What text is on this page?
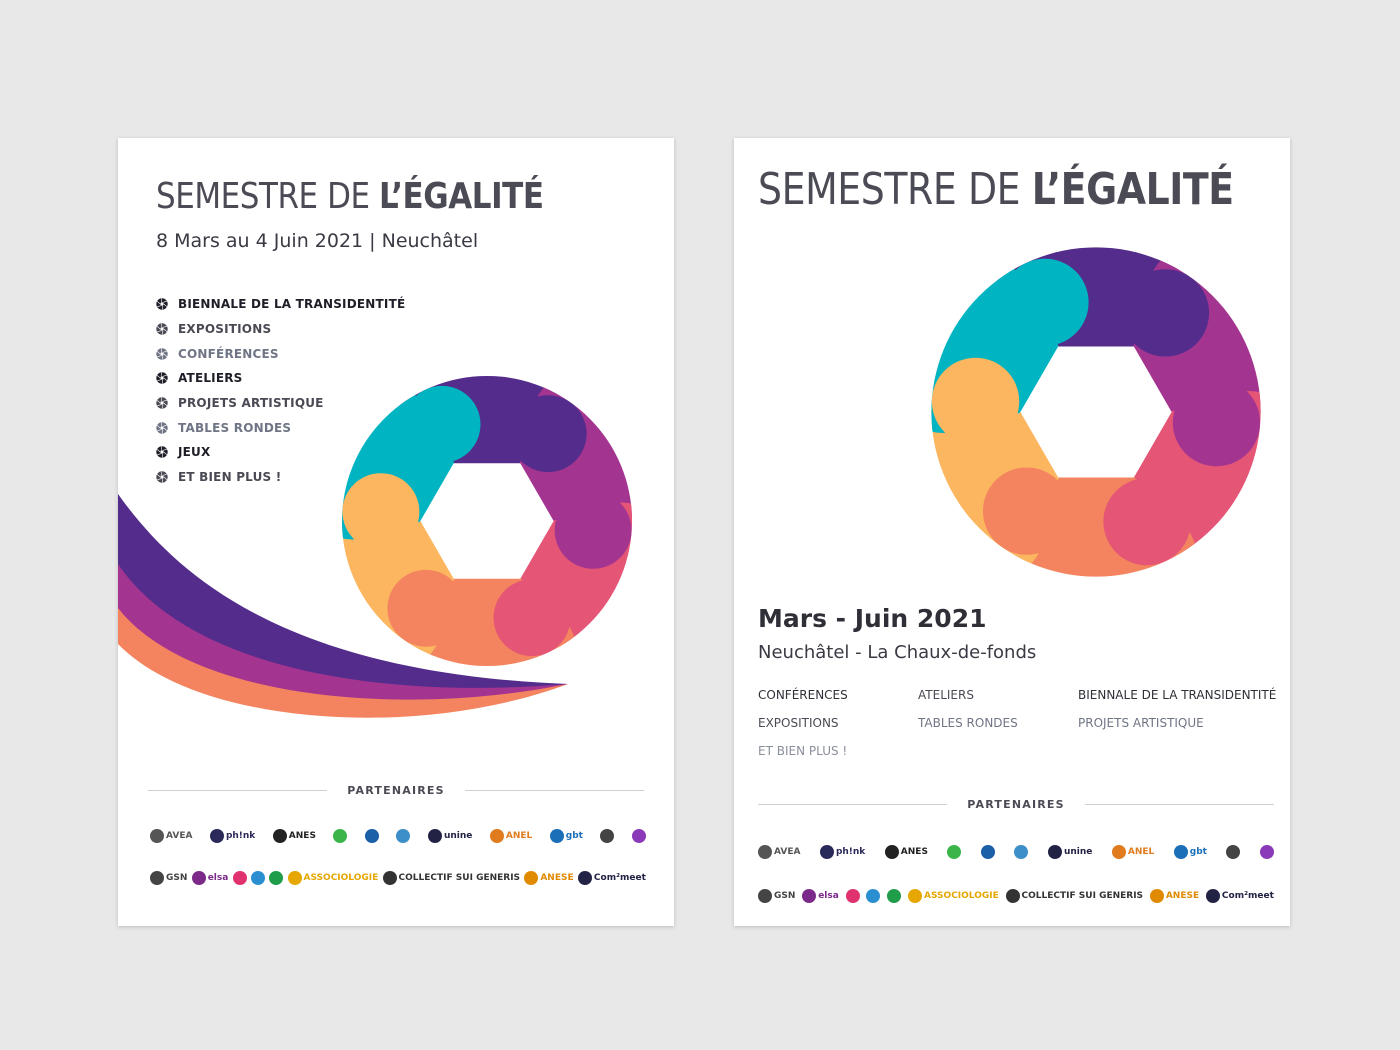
SEMESTRE DE L’ÉGALITÉ
8 Mars au 4 Juin 2021 | Neuchâtel
BIENNALE DE LA TRANSIDENTITÉ
EXPOSITIONS
CONFÉRENCES
ATELIERS
PROJETS ARTISTIQUE
TABLES RONDES
JEUX
ET BIEN PLUS !
PARTENAIRES
AVEA	ph!nk	ANES	unine	ANEL	gbt
GSN elsa	ASSOCIOLOGIE COLLECTIF SUI GENERIS ANESE Com²meet
SEMESTRE DE L’ÉGALITÉ
Mars - Juin 2021
Neuchâtel - La Chaux-de-fonds
CONFÉRENCES	ATELIERS	BIENNALE DE LA TRANSIDENTITÉ
EXPOSITIONS	TABLES RONDES	PROJETS ARTISTIQUE
ET BIEN PLUS !
PARTENAIRES
AVEA	ph!nk	ANES	unine	ANEL	gbt
GSN	elsa	ASSOCIOLOGIE	COLLECTIF SUI GENERIS	ANESE	Com²meet
